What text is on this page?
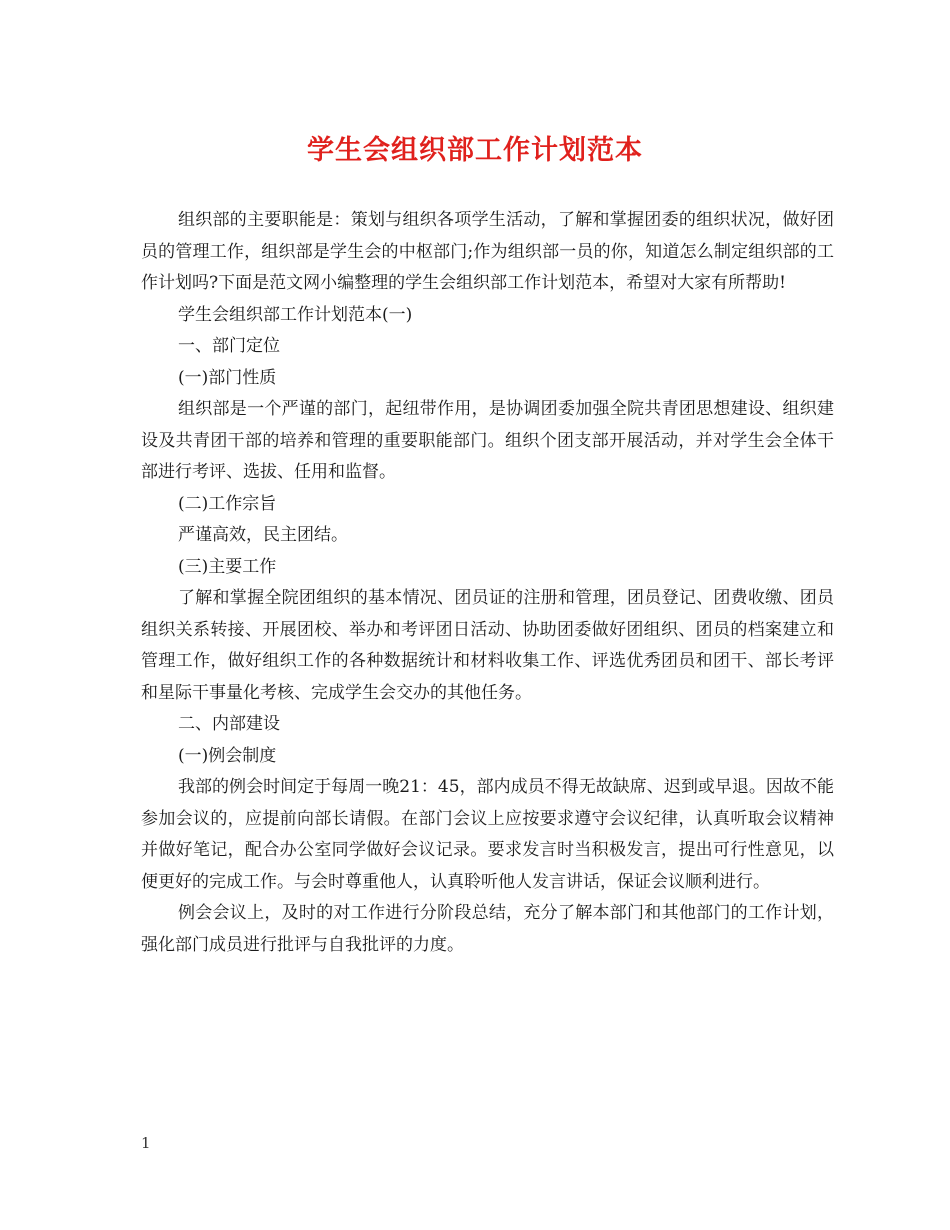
学生会组织部工作计划范本

组织部的主要职能是：策划与组织各项学生活动，了解和掌握团委的组织状况，做好团员的管理工作，组织部是学生会的中枢部门;作为组织部一员的你，知道怎么制定组织部的工作计划吗?下面是范文网小编整理的学生会组织部工作计划范本，希望对大家有所帮助!

学生会组织部工作计划范本(一)

一、部门定位

(一)部门性质

组织部是一个严谨的部门，起纽带作用，是协调团委加强全院共青团思想建设、组织建设及共青团干部的培养和管理的重要职能部门。组织个团支部开展活动，并对学生会全体干部进行考评、选拔、任用和监督。

(二)工作宗旨

严谨高效，民主团结。

(三)主要工作

了解和掌握全院团组织的基本情况、团员证的注册和管理，团员登记、团费收缴、团员组织关系转接、开展团校、举办和考评团日活动、协助团委做好团组织、团员的档案建立和管理工作，做好组织工作的各种数据统计和材料收集工作、评选优秀团员和团干、部长考评和星际干事量化考核、完成学生会交办的其他任务。

二、内部建设

(一)例会制度

我部的例会时间定于每周一晚21：45，部内成员不得无故缺席、迟到或早退。因故不能参加会议的，应提前向部长请假。在部门会议上应按要求遵守会议纪律，认真听取会议精神并做好笔记，配合办公室同学做好会议记录。要求发言时当积极发言，提出可行性意见，以便更好的完成工作。与会时尊重他人，认真聆听他人发言讲话，保证会议顺利进行。

例会会议上，及时的对工作进行分阶段总结，充分了解本部门和其他部门的工作计划，强化部门成员进行批评与自我批评的力度。

1
